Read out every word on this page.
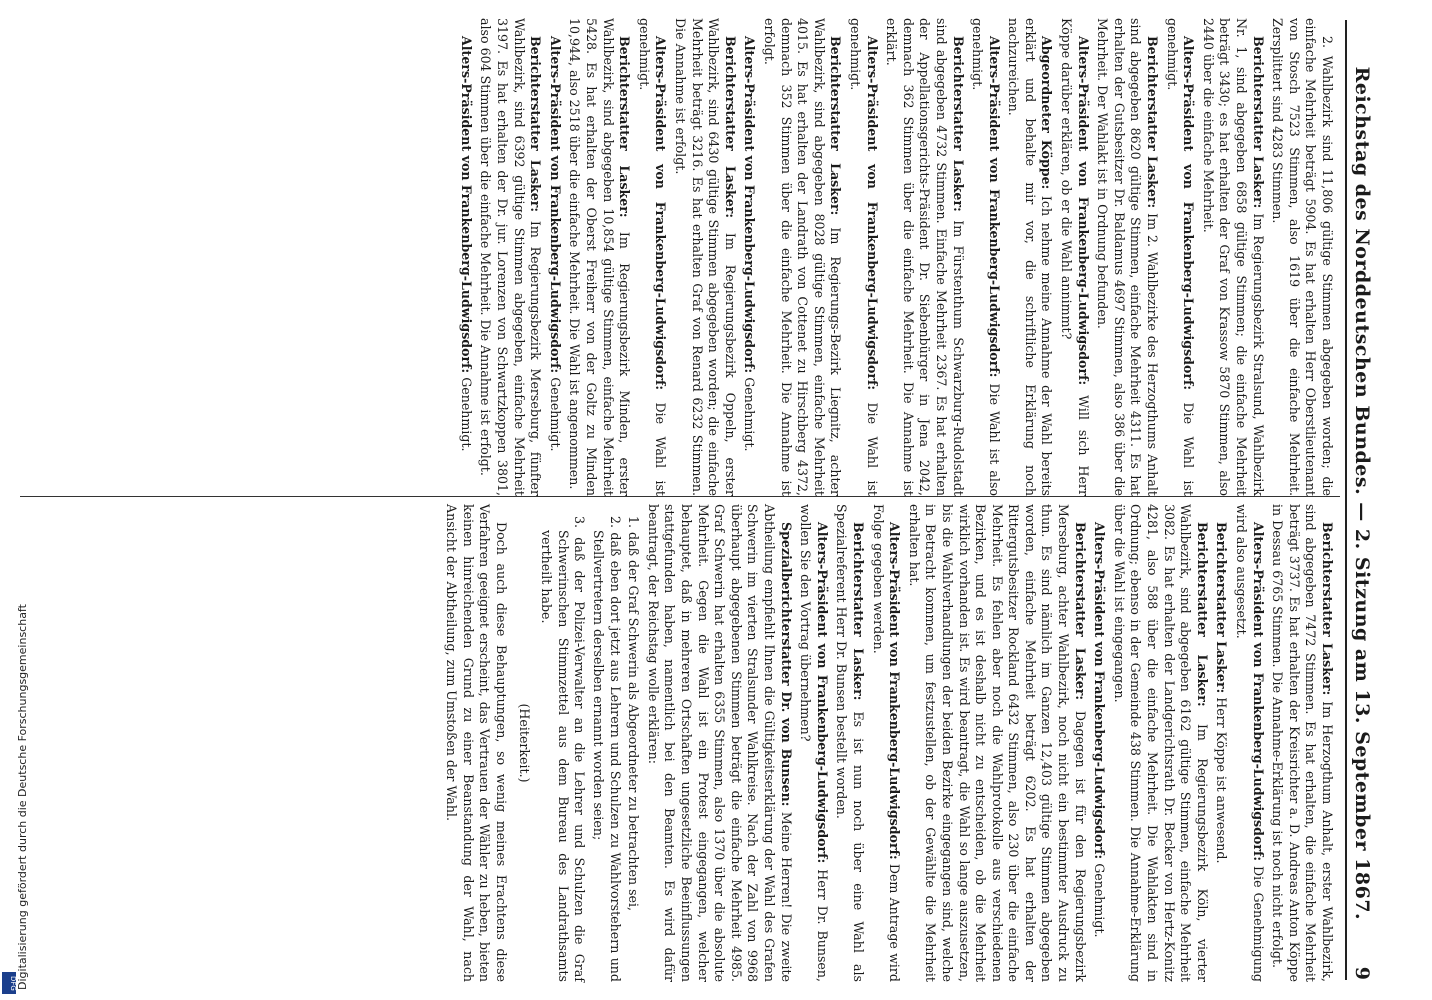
Reichstag des Norddeutschen Bundes. — 2. Sitzung am 13. September 1867.
9

2. Wahlbezirk sind 11,806 gültige Stimmen abgegeben worden; die einfache Mehrheit beträgt 5904. Es hat erhalten Herr Oberstlieutenant von Stosch 7523 Stimmen, also 1619 über die einfache Mehrheit. Zersplittert sind 4283 Stimmen.

Berichterstatter Lasker: Im Regierungsbezirk Stralsund, Wahlbezirk Nr. 1, sind abgegeben 6858 gültige Stimmen; die einfache Mehrheit beträgt 3430; es hat erhalten der Graf von Krassow 5870 Stimmen, also 2440 über die einfache Mehrheit.

Alters-Präsident von Frankenberg-Ludwigsdorf: Die Wahl ist genehmigt.

Berichterstatter Lasker: Im 2. Wahlbezirke des Herzogthums Anhalt sind abgegeben 8620 gültige Stimmen, einfache Mehrheit 4311. Es hat erhalten der Gutsbesitzer Dr. Baldamus 4697 Stimmen, also 386 über die Mehrheit. Der Wahlakt ist in Ordnung befunden.

Alters-Präsident von Frankenberg-Ludwigsdorf: Will sich Herr Köppe darüber erklären, ob er die Wahl annimmt?

Abgeordneter Köppe: Ich nehme meine Annahme der Wahl bereits erklärt und behalte mir vor, die schriftliche Erklärung noch nachzureichen.

Alters-Präsident von Frankenberg-Ludwigsdorf: Die Wahl ist also genehmigt.

Berichterstatter Lasker: Im Fürstenthum Schwarzburg-Rudolstadt sind abgegeben 4732 Stimmen. Einfache Mehrheit 2367. Es hat erhalten der Appellationsgerichts-Präsident Dr. Siebenbürger in Jena 2042, demnach 362 Stimmen über die einfache Mehrheit. Die Annahme ist erklärt.

Alters-Präsident von Frankenberg-Ludwigsdorf: Die Wahl ist genehmigt.

Berichterstatter Lasker: Im Regierungs-Bezirk Liegnitz, achter Wahlbezirk, sind abgegeben 8028 gültige Stimmen, einfache Mehrheit 4015. Es hat erhalten der Landrath von Cottenet zu Hirschberg 4372, demnach 352 Stimmen über die einfache Mehrheit. Die Annahme ist erfolgt.

Alters-Präsident von Frankenberg-Ludwigsdorf: Genehmigt.

Berichterstatter Lasker: Im Regierungsbezirk Oppeln, erster Wahlbezirk, sind 6430 gültige Stimmen abgegeben worden; die einfache Mehrheit beträgt 3216. Es hat erhalten Graf von Renard 6232 Stimmen. Die Annahme ist erfolgt.

Alters-Präsident von Frankenberg-Ludwigsdorf: Die Wahl ist genehmigt.

Berichterstatter Lasker: Im Regierungsbezirk Minden, erster Wahlbezirk, sind abgegeben 10,854 gültige Stimmen, einfache Mehrheit 5428. Es hat erhalten der Oberst Freiherr von der Goltz zu Minden 10,944, also 2518 über die einfache Mehrheit. Die Wahl ist angenommen.

Alters-Präsident von Frankenberg-Ludwigsdorf: Genehmigt.

Berichterstatter Lasker: Im Regierungsbezirk Merseburg, fünfter Wahlbezirk, sind 6392 gültige Stimmen abgegeben, einfache Mehrheit 3197. Es hat erhalten der Dr. jur. Lorenzen von Schwartzkoppen 3801, also 604 Stimmen über die einfache Mehrheit. Die Annahme ist erfolgt.

Alters-Präsident von Frankenberg-Ludwigsdorf: Genehmigt.

Berichterstatter Lasker: Im Herzogthum Anhalt, erster Wahlbezirk, sind abgegeben 7472 Stimmen. Es hat erhalten, die einfache Mehrheit beträgt 3737. Es hat erhalten der Kreisrichter a. D. Andreas Anton Köppe in Dessau 6765 Stimmen. Die Annahme-Erklärung ist noch nicht erfolgt.

Alters-Präsident von Frankenberg-Ludwigsdorf: Die Genehmigung wird also ausgesetzt.

Berichterstatter Lasker: Herr Köppe ist anwesend.

Berichterstatter Lasker: Im Regierungsbezirk Köln, vierter Wahlbezirk, sind abgegeben 6162 gültige Stimmen, einfache Mehrheit 3082. Es hat erhalten der Landgerichtsrath Dr. Becker von Hertz-Konitz 4281, also 588 über die einfache Mehrheit. Die Wahlakten sind in Ordnung; ebenso in der Gemeinde 438 Stimmen. Die Annahme-Erklärung über die Wahl ist eingegangen.

Alters-Präsident von Frankenberg-Ludwigsdorf: Genehmigt.

Berichterstatter Lasker: Dagegen ist für den Regierungsbezirk Merseburg, achter Wahlbezirk, noch nicht ein bestimmter Ausdruck zu thun. Es sind nämlich im Ganzen 12,403 gültige Stimmen abgegeben worden, einfache Mehrheit beträgt 6202. Es hat erhalten der Rittergutsbesitzer Rockland 6432 Stimmen, also 230 über die einfache Mehrheit. Es fehlen aber noch die Wahlprotokolle aus verschiedenen Bezirken, und es ist deshalb nicht zu entscheiden, ob die Mehrheit wirklich vorhanden ist. Es wird beantragt, die Wahl so lange auszusetzen, bis die Wahlverhandlungen der beiden Bezirke eingegangen sind, welche in Betracht kommen, um festzustellen, ob der Gewählte die Mehrheit erhalten hat.

Alters-Präsident von Frankenberg-Ludwigsdorf: Dem Antrage wird Folge gegeben werden.

Berichterstatter Lasker: Es ist nun noch über eine Wahl als Spezialreferent Herr Dr. Bunsen bestellt worden.

Alters-Präsident von Frankenberg-Ludwigsdorf: Herr Dr. Bunsen, wollen Sie den Vortrag übernehmen?

Spezialberichterstatter Dr. von Bunsen: Meine Herren! Die zweite Abtheilung empfiehlt Ihnen die Gültigkeitserklärung der Wahl des Grafen Schwerin im vierten Stralsunder Wahlkreise. Nach der Zahl von 9968 überhaupt abgegebenen Stimmen beträgt die einfache Mehrheit 4985. Graf Schwerin hat erhalten 6355 Stimmen, also 1370 über die absolute Mehrheit. Gegen die Wahl ist ein Protest eingegangen, welcher behauptet, daß in mehreren Ortschaften ungesetzliche Beeinflussungen stattgefunden haben, namentlich bei den Beamten. Es wird dafür beantragt, der Reichstag wolle erklären:

1. daß der Graf Schwerin als Abgeordneter zu betrachten sei,

2. daß eben dort jetzt aus Lehrern und Schulzen zu Wahlvorstehern und Stellvertretern derselben ernannt worden seien;

3. daß der Polizei-Verwalter an die Lehrer und Schulzen die Graf Schwerinschen Stimmzettel aus dem Bureau des Landrathsamts vertheilt habe.

(Heiterkeit.)

Doch auch diese Behauptungen, so wenig meines Erachtens diese Verfahren geeignet erscheint, das Vertrauen der Wähler zu heben, bieten keinen hinreichenden Grund zu einer Beanstandung der Wahl, nach Ansicht der Abtheilung, zum Umstoßen der Wahl.

Digitalisierung gefördert durch die Deutsche Forschungsgemeinschaft
DFG
